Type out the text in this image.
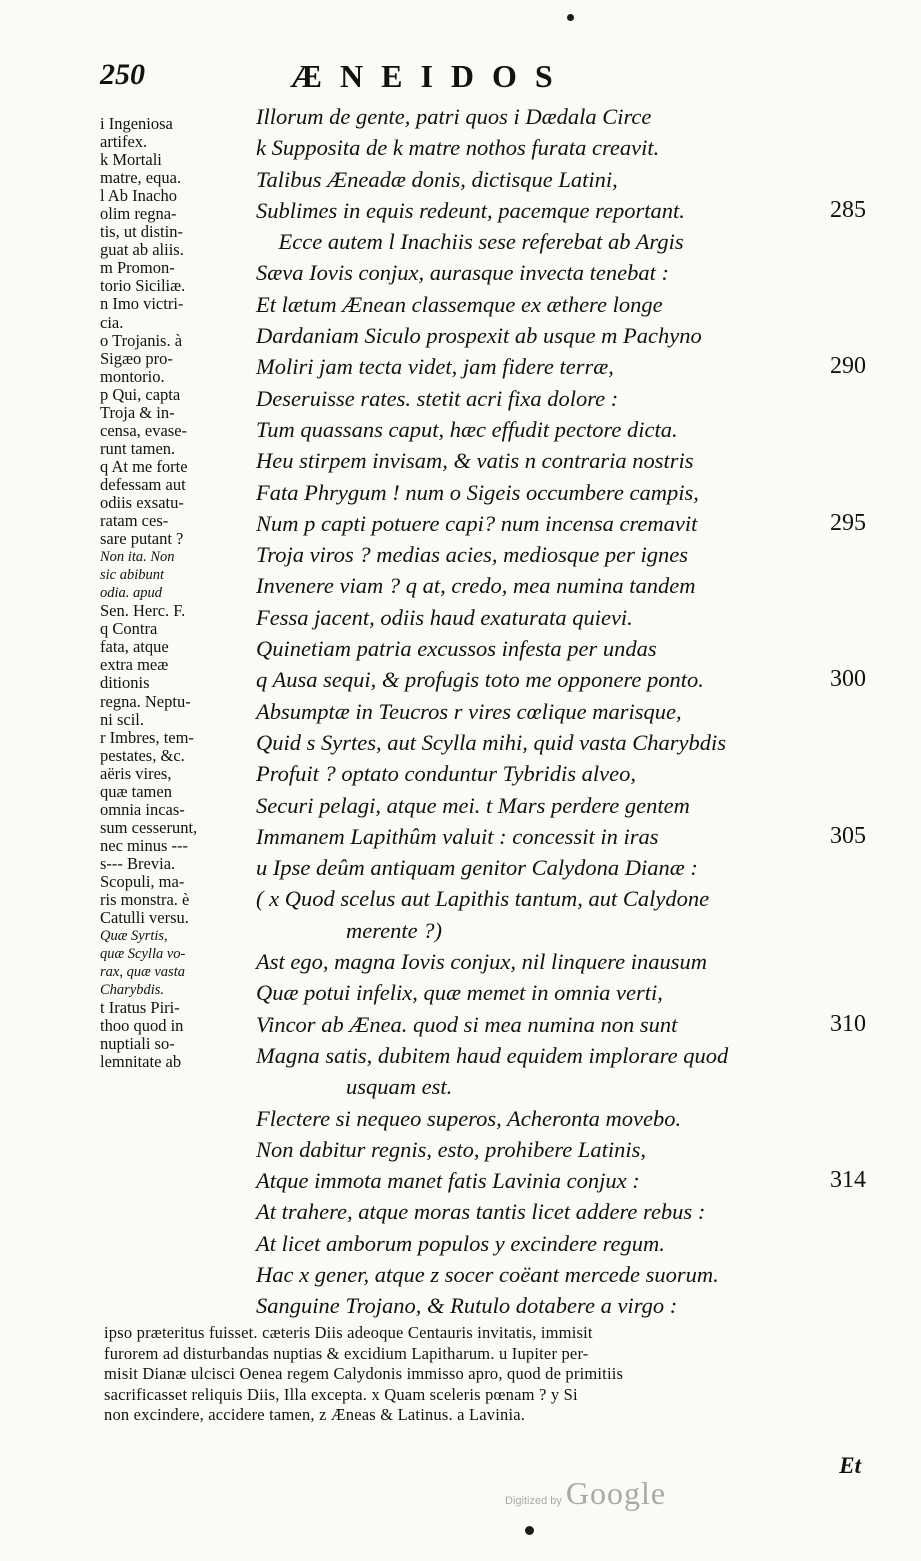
250	ÆNEIDOS
i Ingeniosa
artifex.
k Mortali
matre, equa.
l Ab Inacho
olim regna-
tis, ut distin-
guat ab aliis.
m Promon-
torio Siciliæ.
n Imo victri-
cia.
o Trojanis. à
Sigæo pro-
montorio.
p Qui, capta
Troja & in-
censa, evase-
runt tamen.
q At me forte
defessam aut
odiis exsatu-
ratam ces-
sare putant ?
Non ita. Non
sic abibunt
odia. apud
Sen. Herc. F.
q Contra
fata, atque
extra meæ
ditionis
regna. Neptu-
ni scil.
r Imbres, tem-
pestates, &c.
aëris vires,
quæ tamen
omnia incas-
sum cesserunt,
nec minus ---
s--- Brevia.
Scopuli, ma-
ris monstra. è
Catulli versu.
Quæ Syrtis,
quæ Scylla vo-
rax, quæ vasta
Charybdis.
t Iratus Piri-
thoo quod in
nuptiali so-
lemnitate ab
Illorum de gente, patri quos i Dædala Circe
k Supposita de k matre nothos furata creavit.
Talibus Æneadæ donis, dictisque Latini,
Sublimes in equis redeunt, pacemque reportant.	285
Ecce autem l Inachiis sese referebat ab Argis
Sæva Iovis conjux, aurasque invecta tenebat :
Et lætum Ænean classemque ex æthere longe
Dardaniam Siculo prospexit ab usque m Pachyno
Moliri jam tecta videt, jam fidere terræ,	290
Deseruisse rates. stetit acri fixa dolore :
Tum quassans caput, hæc effudit pectore dicta.
Heu stirpem invisam, & vatis n contraria nostris
Fata Phrygum ! num o Sigeis occumbere campis,
Num p capti potuere capi? num incensa cremavit	295
Troja viros ? medias acies, mediosque per ignes
Invenere viam ? q at, credo, mea numina tandem
Fessa jacent, odiis haud exaturata quievi.
Quinetiam patria excussos infesta per undas
q Ausa sequi, & profugis toto me opponere ponto.	300
Absumptæ in Teucros r vires cœlique marisque,
Quid s Syrtes, aut Scylla mihi, quid vasta Charybdis
Profuit ? optato conduntur Tybridis alveo,
Securi pelagi, atque mei. t Mars perdere gentem
Immanem Lapithûm valuit : concessit in iras	305
u Ipse deûm antiquam genitor Calydona Dianæ :
( x Quod scelus aut Lapithis tantum, aut Calydone
merente ?)
Ast ego, magna Iovis conjux, nil linquere inausum
Quæ potui infelix, quæ memet in omnia verti,
Vincor ab Ænea. quod si mea numina non sunt	310
Magna satis, dubitem haud equidem implorare quod
usquam est.
Flectere si nequeo superos, Acheronta movebo.
Non dabitur regnis, esto, prohibere Latinis,
Atque immota manet fatis Lavinia conjux :	314
At trahere, atque moras tantis licet addere rebus :
At licet amborum populos y excindere regum.
Hac x gener, atque z socer coëant mercede suorum.
Sanguine Trojano, & Rutulo dotabere a virgo :
ipso præteritus fuisset. cæteris Diis adeoque Centauris invitatis, immisit
furorem ad disturbandas nuptias & excidium Lapitharum. u Iupiter per-
misit Dianæ ulcisci Oenea regem Calydonis immisso apro, quod de primitiis
sacrificasset reliquis Diis, Illa excepta. x Quam sceleris pœnam ? y Si
non excindere, accidere tamen, z Æneas & Latinus. a Lavinia.
Et
Digitized by Google
